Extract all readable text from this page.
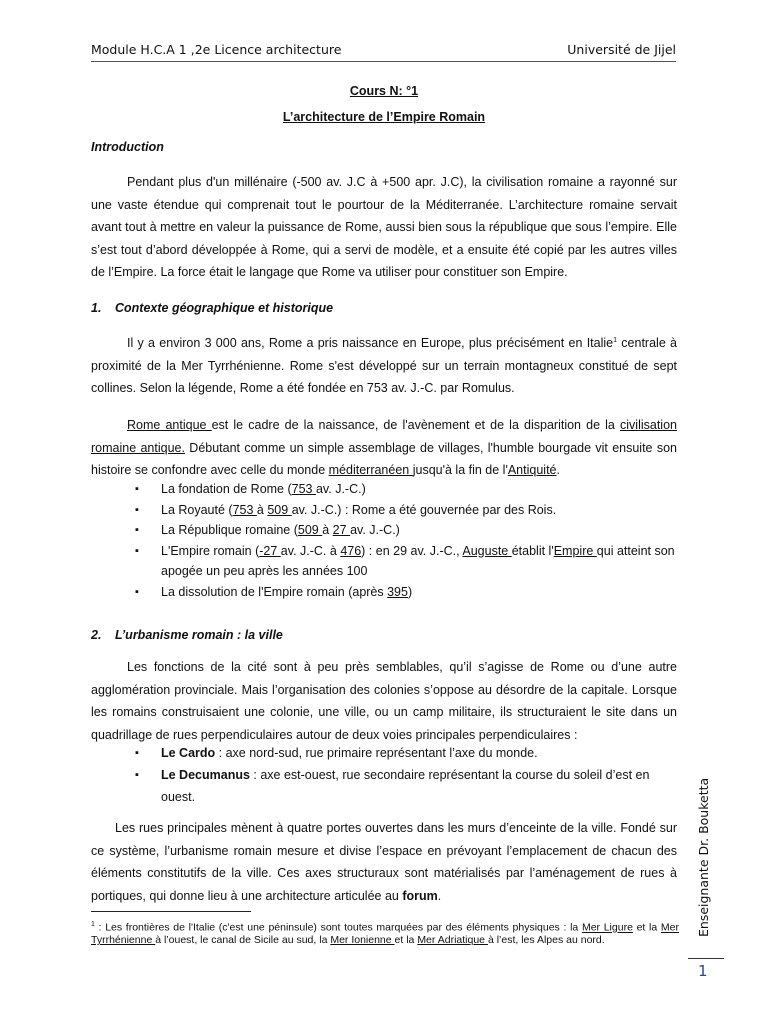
Module H.C.A 1 ,2e Licence architecture	Université de Jijel
Cours N: °1
L’architecture de l’Empire Romain
Introduction
Pendant plus d'un millénaire (-500 av. J.C à +500 apr. J.C), la civilisation romaine a rayonné sur une vaste étendue qui comprenait tout le pourtour de la Méditerranée. L’architecture romaine servait avant tout à mettre en valeur la puissance de Rome, aussi bien sous la république que sous l’empire. Elle s’est tout d’abord développée à Rome, qui a servi de modèle, et a ensuite été copié par les autres villes de l’Empire. La force était le langage que Rome va utiliser pour constituer son Empire.
1. Contexte géographique et historique
Il y a environ 3 000 ans, Rome a pris naissance en Europe, plus précisément en Italie$^1$ centrale à proximité de la Mer Tyrrhénienne. Rome s'est développé sur un terrain montagneux constitué de sept collines. Selon la légende, Rome a été fondée en 753 av. J.-C. par Romulus.
Rome antique est le cadre de la naissance, de l'avènement et de la disparition de la civilisation romaine antique. Débutant comme un simple assemblage de villages, l'humble bourgade vit ensuite son histoire se confondre avec celle du monde méditerranéen jusqu'à la fin de l'Antiquité.
▪ La fondation de Rome (753 av. J.-C.)
▪ La Royauté (753 à 509 av. J.-C.) : Rome a été gouvernée par des Rois.
▪ La République romaine (509 à 27 av. J.-C.)
▪ L'Empire romain (-27 av. J.-C. à 476) : en 29 av. J.-C., Auguste établit l'Empire qui atteint son apogée un peu après les années 100
▪ La dissolution de l'Empire romain (après 395)
2. L’urbanisme romain : la ville
Les fonctions de la cité sont à peu près semblables, qu’il s’agisse de Rome ou d’une autre agglomération provinciale. Mais l’organisation des colonies s’oppose au désordre de la capitale. Lorsque les romains construisaient une colonie, une ville, ou un camp militaire, ils structuraient le site dans un quadrillage de rues perpendiculaires autour de deux voies principales perpendiculaires :
▪ Le Cardo : axe nord-sud, rue primaire représentant l’axe du monde.
▪ Le Decumanus : axe est-ouest, rue secondaire représentant la course du soleil d’est en ouest.
Les rues principales mènent à quatre portes ouvertes dans les murs d’enceinte de la ville. Fondé sur ce système, l’urbanisme romain mesure et divise l’espace en prévoyant l’emplacement de chacun des éléments constitutifs de la ville. Ces axes structuraux sont matérialisés par l’aménagement de rues à portiques, qui donne lieu à une architecture articulée au forum.
$^1$ : Les frontières de l'Italie (c'est une péninsule) sont toutes marquées par des éléments physiques : la Mer Ligure et la Mer Tyrrhénienne à l’ouest, le canal de Sicile au sud, la Mer Ionienne et la Mer Adriatique à l’est, les Alpes au nord.
Enseignante Dr. Bouketta
1
